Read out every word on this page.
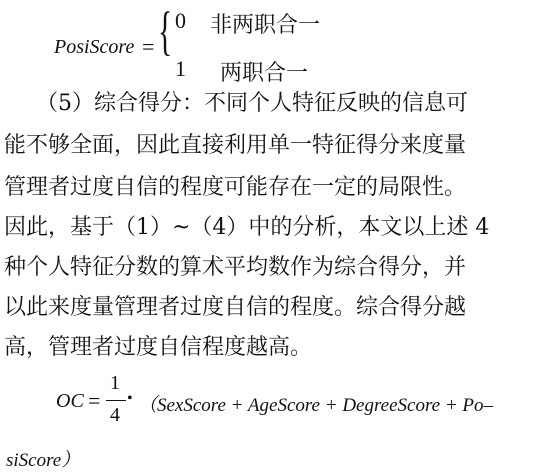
PosiScore = { 0 非两职合一
1 两职合一
（5）综合得分：不同个人特征反映的信息可
能不够全面，因此直接利用单一特征得分来度量
管理者过度自信的程度可能存在一定的局限性。
因此，基于（1）~（4）中的分析，本文以上述 4
种个人特征分数的算术平均数作为综合得分，并
以此来度量管理者过度自信的程度。综合得分越
高，管理者过度自信程度越高。
OC =
1
4
• （SexScore + AgeScore + DegreeScore + Po–
siScore）
